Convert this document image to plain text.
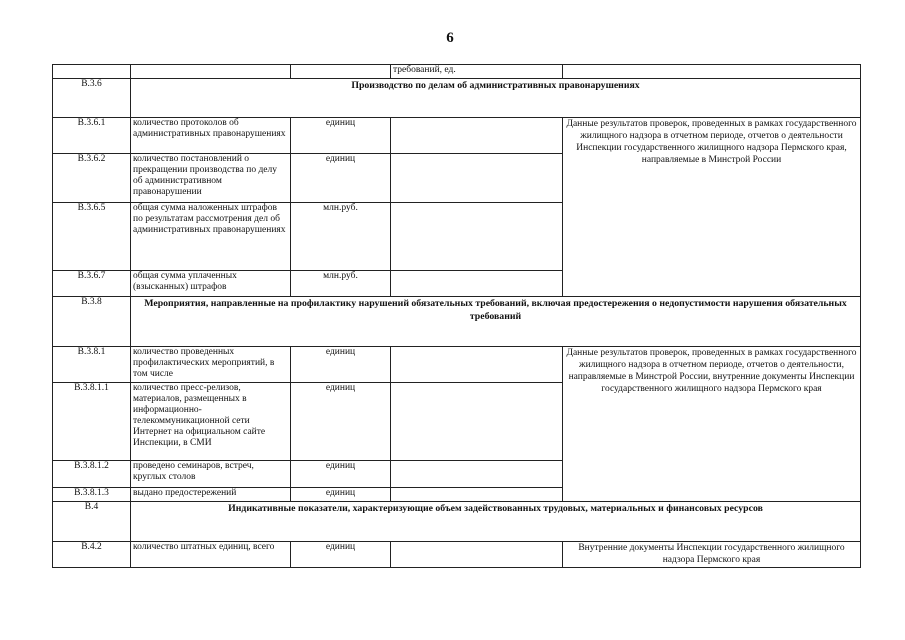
6
			требований, ед.	
В.3.6	Производство по делам об административных правонарушениях			
В.3.6.1	количество протоколов об административных правонарушениях	единиц		Данные результатов проверок, проведенных в рамках государственного жилищного надзора в отчетном периоде, отчетов о деятельности Инспекции государственного жилищного надзора Пермского края, направляемые в Минстрой России
В.3.6.2	количество постановлений о прекращении производства по делу об административном правонарушении	единиц		
В.3.6.5	общая сумма наложенных штрафов по результатам рассмотрения дел об административных правонарушениях	млн.руб.		
В.3.6.7	общая сумма уплаченных (взысканных) штрафов	млн.руб.		
В.3.8	Мероприятия, направленные на профилактику нарушений обязательных требований, включая предостережения о недопустимости нарушения обязательных требований			
В.3.8.1	количество проведенных профилактических мероприятий, в том числе	единиц		Данные результатов проверок, проведенных в рамках государственного жилищного надзора в отчетном периоде, отчетов о деятельности, направляемые в Минстрой России, внутренние документы Инспекции государственного жилищного надзора Пермского края
В.3.8.1.1	количество пресс-релизов, материалов, размещенных в информационно-телекоммуникационной сети Интернет на официальном сайте Инспекции, в СМИ	единиц		
В.3.8.1.2	проведено семинаров, встреч, круглых столов	единиц		
В.3.8.1.3	выдано предостережений	единиц		
В.4	Индикативные показатели, характеризующие объем задействованных трудовых, материальных и финансовых ресурсов			
В.4.2	количество штатных единиц, всего	единиц		Внутренние документы Инспекции государственного жилищного надзора Пермского края
